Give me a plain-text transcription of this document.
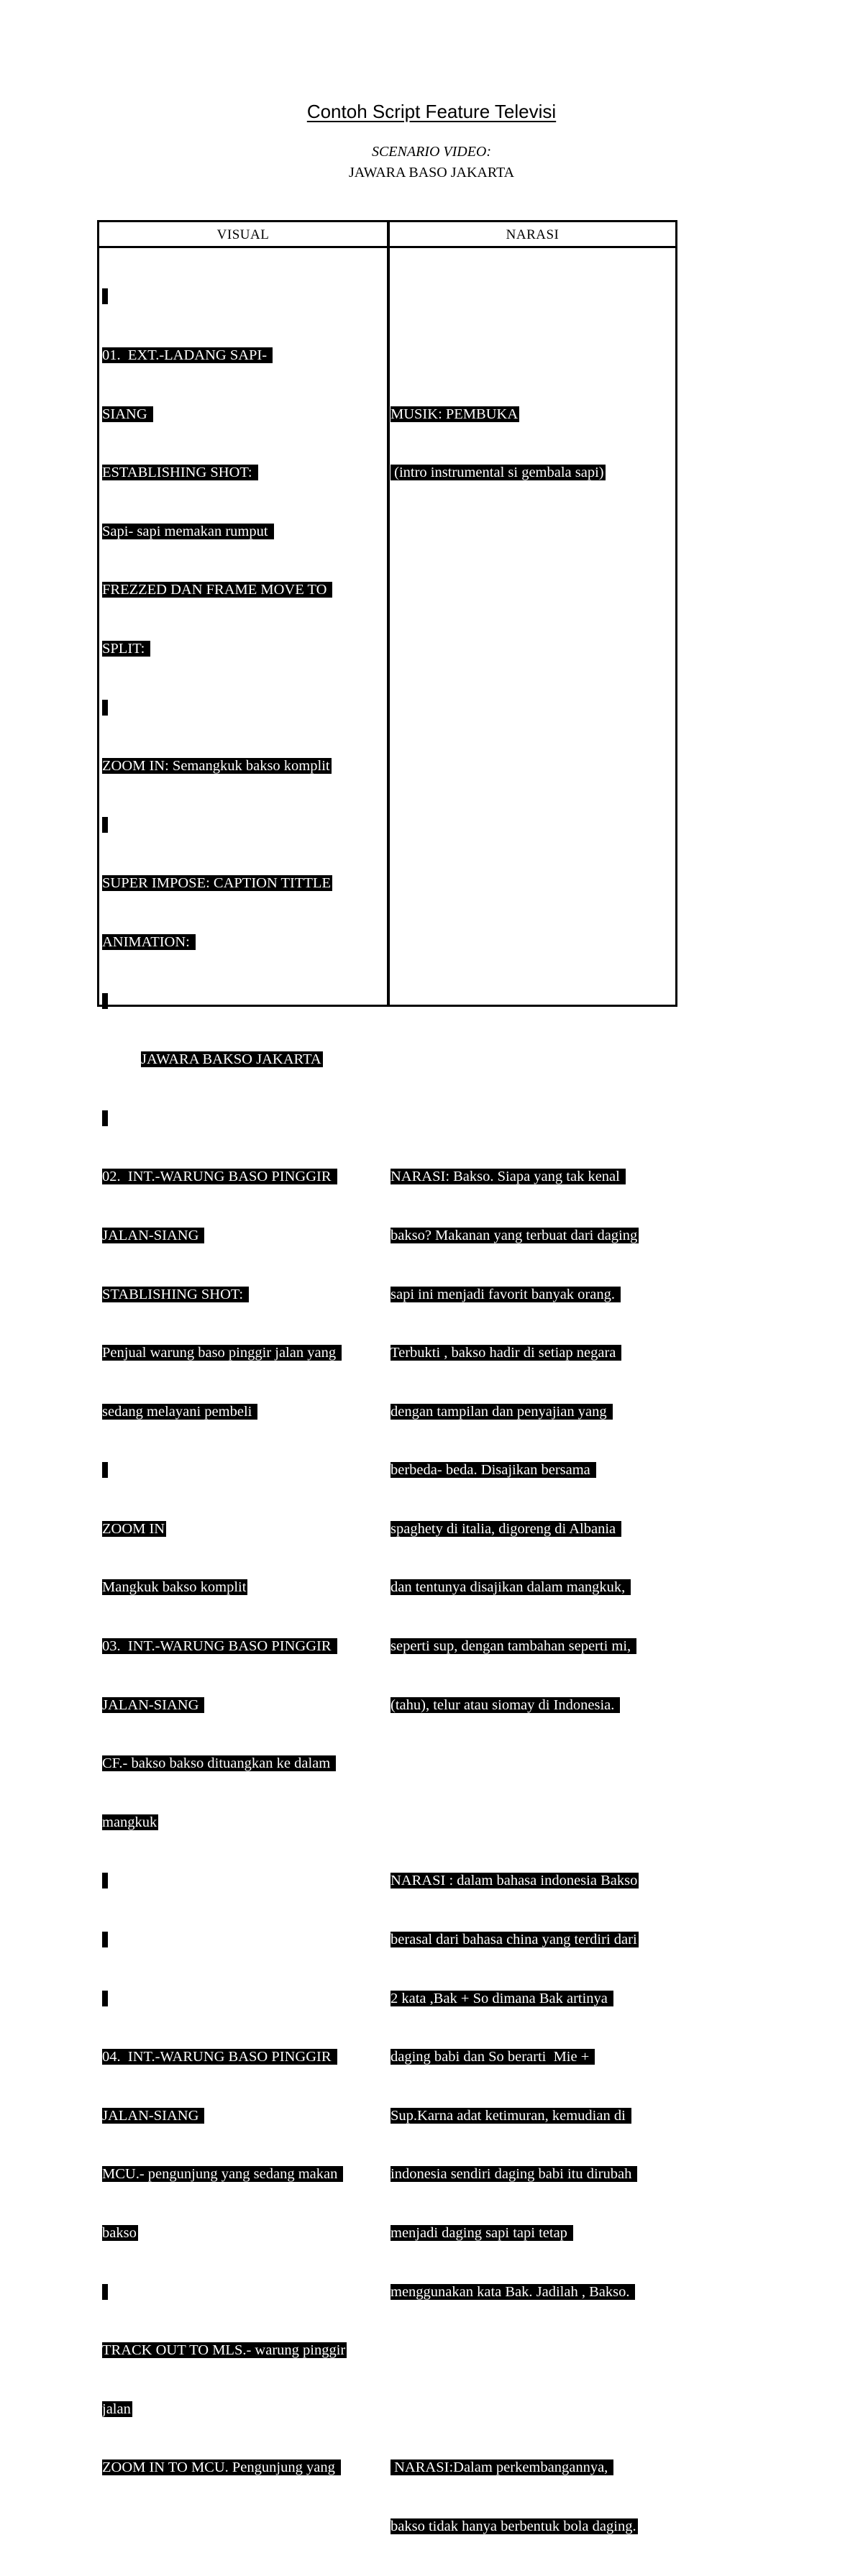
Contoh Script Feature Televisi
SCENARIO VIDEO:
JAWARA BASO JAKARTA
VISUAL	NARASI

01.  EXT.-LADANG SAPI-

SIANG

ESTABLISHING SHOT:

Sapi- sapi memakan rumput

FREZZED DAN FRAME MOVE TO

SPLIT:

ZOOM IN: Semangkuk bakso komplit

SUPER IMPOSE: CAPTION TITTLE

ANIMATION:

JAWARA BAKSO JAKARTA

02.  INT.-WARUNG BASO PINGGIR

JALAN-SIANG

STABLISHING SHOT:

Penjual warung baso pinggir jalan yang

sedang melayani pembeli

ZOOM IN

Mangkuk bakso komplit

03.  INT.-WARUNG BASO PINGGIR

JALAN-SIANG

CF.- bakso bakso dituangkan ke dalam

mangkuk

04.  INT.-WARUNG BASO PINGGIR

JALAN-SIANG

MCU.- pengunjung yang sedang makan

bakso

TRACK OUT TO MLS.- warung pinggir

jalan

ZOOM IN TO MCU. Pengunjung yang

MUSIK: PEMBUKA

(intro instrumental si gembala sapi)

NARASI: Bakso. Siapa yang tak kenal

bakso? Makanan yang terbuat dari daging

sapi ini menjadi favorit banyak orang.

Terbukti , bakso hadir di setiap negara

dengan tampilan dan penyajian yang

berbeda- beda. Disajikan bersama

spaghety di italia, digoreng di Albania

dan tentunya disajikan dalam mangkuk,

seperti sup, dengan tambahan seperti mi,

(tahu), telur atau siomay di Indonesia.

NARASI : dalam bahasa indonesia Bakso

berasal dari bahasa china yang terdiri dari

2 kata ,Bak + So dimana Bak artinya

daging babi dan So berarti  Mie +

Sup.Karna adat ketimuran, kemudian di

indonesia sendiri daging babi itu dirubah

menjadi daging sapi tapi tetap

menggunakan kata Bak. Jadilah , Bakso.

NARASI:Dalam perkembangannya,

bakso tidak hanya berbentuk bola daging.
